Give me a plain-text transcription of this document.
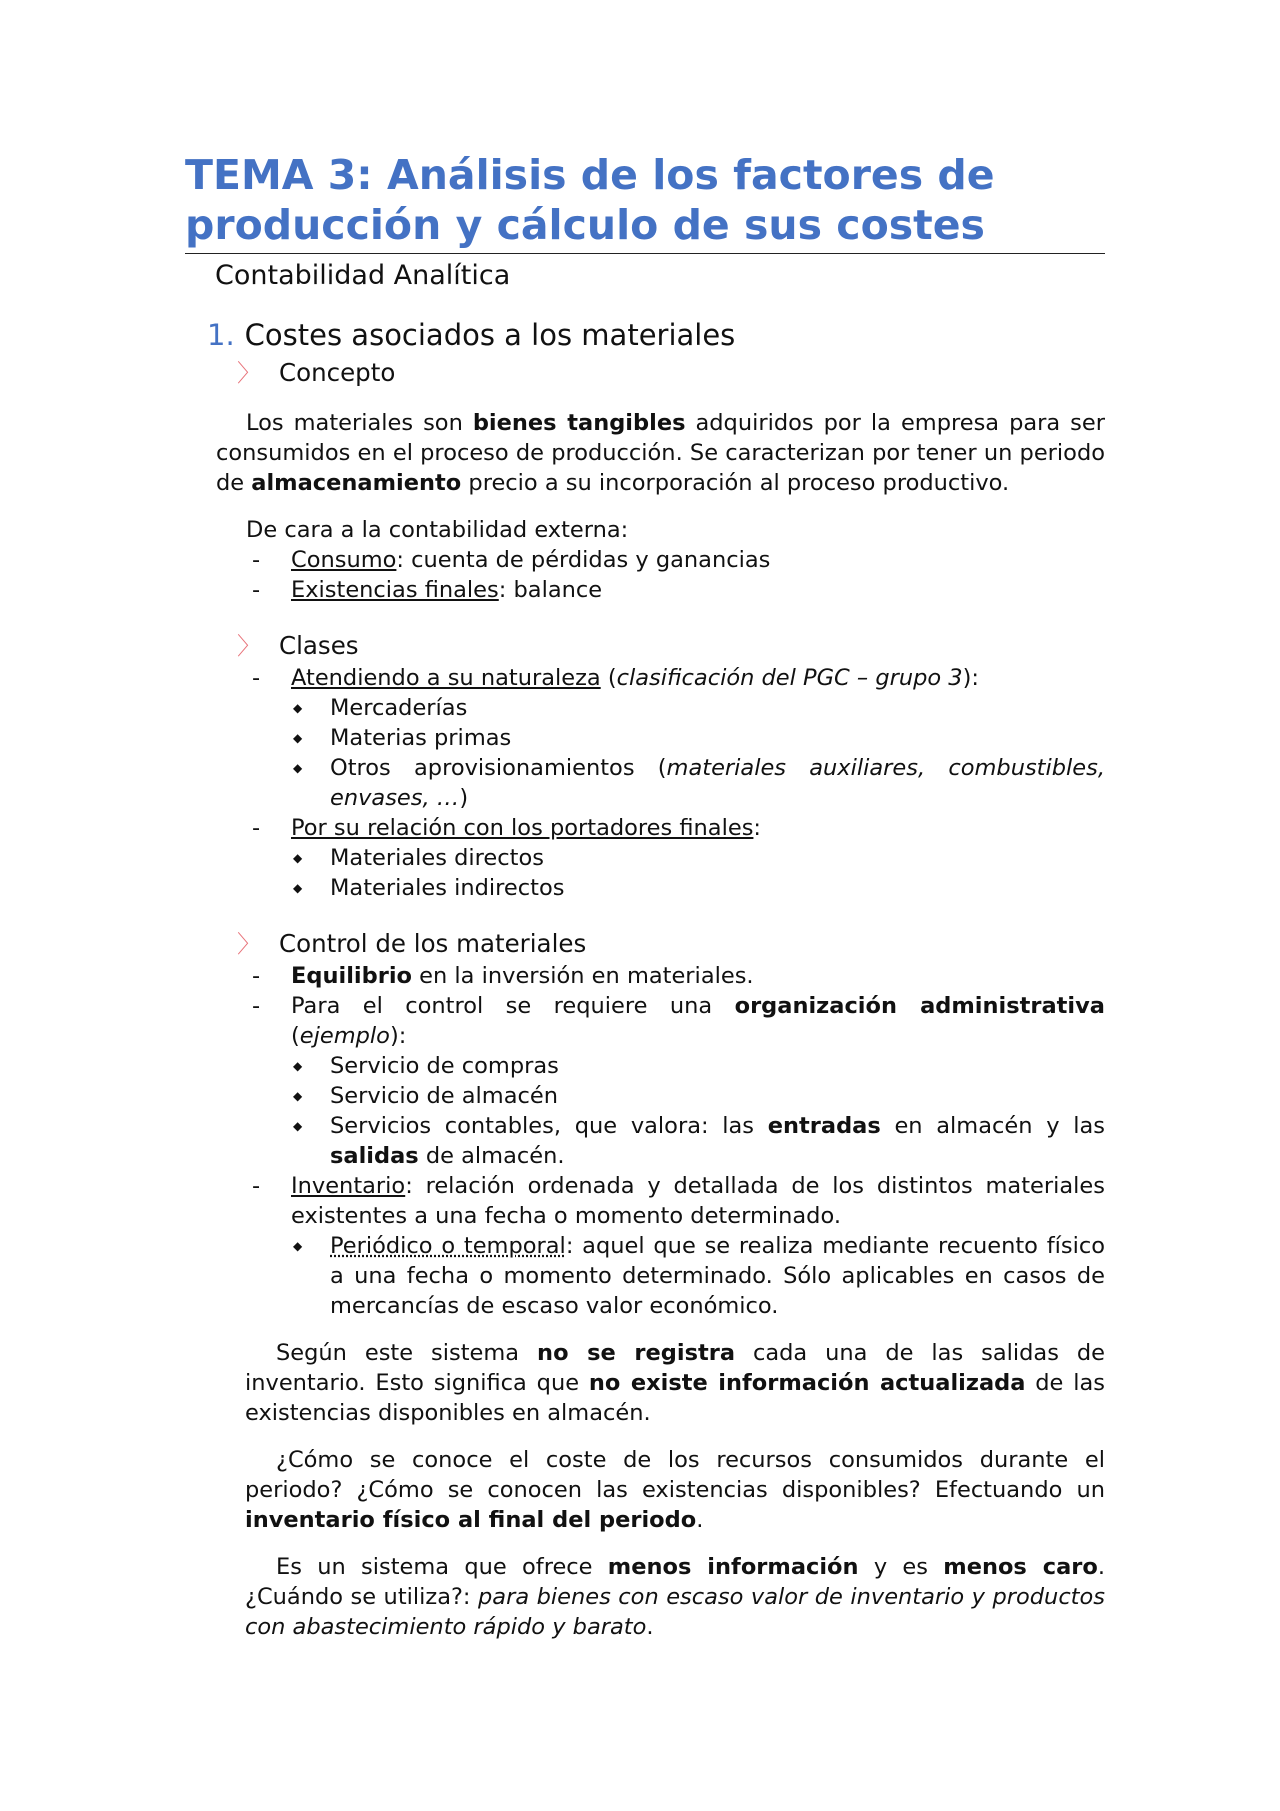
TEMA 3: Análisis de los factores de
producción y cálculo de sus costes
Contabilidad Analítica
1. Costes asociados a los materiales
〉 Concepto

Los materiales son bienes tangibles adquiridos por la empresa para ser consumidos en el proceso de producción. Se caracterizan por tener un periodo de almacenamiento precio a su incorporación al proceso productivo.

De cara a la contabilidad externa:
- Consumo: cuenta de pérdidas y ganancias
- Existencias finales: balance
〉 Clases
- Atendiendo a su naturaleza (clasificación del PGC – grupo 3):
◆ Mercaderías
◆ Materias primas
◆ Otros aprovisionamientos (materiales auxiliares, combustibles, envases, …)
- Por su relación con los portadores finales:
◆ Materiales directos
◆ Materiales indirectos
〉 Control de los materiales
- Equilibrio en la inversión en materiales.
- Para el control se requiere una organización administrativa (ejemplo):
◆ Servicio de compras
◆ Servicio de almacén
◆ Servicios contables, que valora: las entradas en almacén y las salidas de almacén.
- Inventario: relación ordenada y detallada de los distintos materiales existentes a una fecha o momento determinado.
◆ Periódico o temporal: aquel que se realiza mediante recuento físico a una fecha o momento determinado. Sólo aplicables en casos de mercancías de escaso valor económico.

Según este sistema no se registra cada una de las salidas de inventario. Esto significa que no existe información actualizada de las existencias disponibles en almacén.

¿Cómo se conoce el coste de los recursos consumidos durante el periodo? ¿Cómo se conocen las existencias disponibles? Efectuando un inventario físico al final del periodo.

Es un sistema que ofrece menos información y es menos caro. ¿Cuándo se utiliza?: para bienes con escaso valor de inventario y productos con abastecimiento rápido y barato.
